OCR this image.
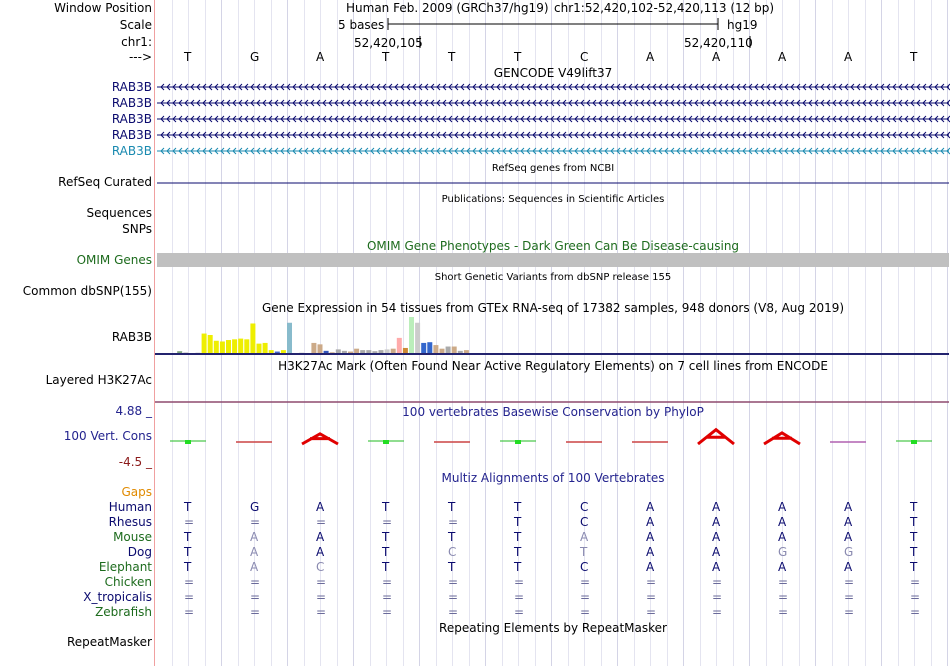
Window Position
Scale
chr1:
--->
Human Feb. 2009 (GRCh37/hg19) chr1:52,420,102-52,420,113 (12 bp)
5 bases	hg19
52,420,105	52,420,110
T	G	A	T	T	T	C	A	A	A	A	T
GENCODE V49lift37
RAB3B
RAB3B
RAB3B
RAB3B
RAB3B
RefSeq genes from NCBI
RefSeq Curated
Publications: Sequences in Scientific Articles
Sequences
SNPs
OMIM Gene Phenotypes - Dark Green Can Be Disease-causing
OMIM Genes
Short Genetic Variants from dbSNP release 155
Common dbSNP(155)
Gene Expression in 54 tissues from GTEx RNA-seq of 17382 samples, 948 donors (V8, Aug 2019)
RAB3B
H3K27Ac Mark (Often Found Near Active Regulatory Elements) on 7 cell lines from ENCODE
Layered H3K27Ac
100 vertebrates Basewise Conservation by PhyloP
4.88 _
100 Vert. Cons
-4.5 _
Multiz Alignments of 100 Vertebrates
Gaps
Human	T	G	A	T	T	T	C	A	A	A	A	T
Rhesus	=	=	=	=	=	T	C	A	A	A	A	T
Mouse	T	A	A	T	T	T	A	A	A	A	A	T
Dog	T	A	A	T	C	T	T	A	A	G	G	T
Elephant	T	A	C	T	T	T	C	A	A	A	A	T
Chicken	=	=	=	=	=	=	=	=	=	=	=	=
X_tropicalis	=	=	=	=	=	=	=	=	=	=	=	=
Zebrafish	=	=	=	=	=	=	=	=	=	=	=	=
Repeating Elements by RepeatMasker
RepeatMasker
